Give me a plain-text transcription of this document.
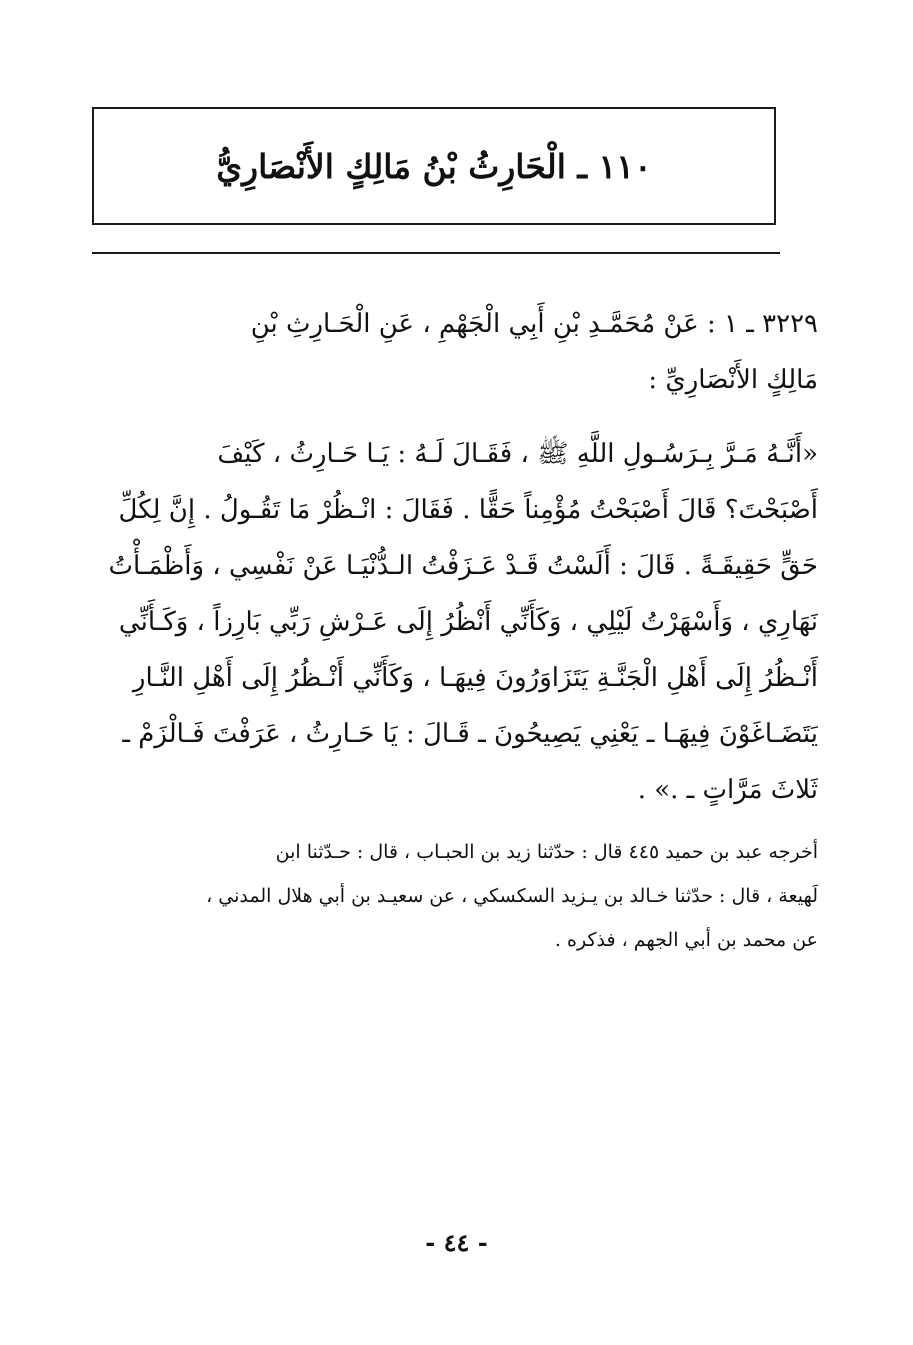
١١٠ ـ الْحَارِثُ بْنُ مَالِكٍ الأَنْصَارِيُّ
٣٢٢٩ ـ ١ : عَنْ مُحَمَّـدِ بْنِ أَبِي الْجَهْمِ ، عَنِ الْحَـارِثِ بْنِ
مَالِكٍ الأَنْصَارِيِّ :
«أَنَّـهُ مَـرَّ بِـرَسُـولِ اللَّهِ ﷺ ، فَقَـالَ لَـهُ : يَـا حَـارِثُ ، كَيْفَ
أَصْبَحْتَ؟ قَالَ أَصْبَحْتُ مُؤْمِناً حَقًّا . فَقَالَ : انْـظُرْ مَا تَقُـولُ . إِنَّ لِكُلِّ
حَقٍّ حَقِيقَـةً . قَالَ : أَلَسْتُ قَـدْ عَـزَفْتُ الـدُّنْيَـا عَنْ نَفْسِي ، وَأَظْمَـأْتُ
نَهَارِي ، وَأَسْهَرْتُ لَيْلِي ، وَكَأَنِّي أَنْظُرُ إِلَى عَـرْشِ رَبِّي بَارِزاً ، وَكَـأَنِّي
أَنْـظُرُ إِلَى أَهْلِ الْجَنَّـةِ يَتَزَاوَرُونَ فِيهَـا ، وَكَأَنِّي أَنْـظُرُ إِلَى أَهْلِ النَّـارِ
يَتَضَـاغَوْنَ فِيهَـا ـ يَعْنِي يَصِيحُونَ ـ قَـالَ : يَا حَـارِثُ ، عَرَفْتَ فَـالْزَمْ ـ
ثَلاثَ مَرَّاتٍ ـ .» .
أخرجه عبد بن حميد ٤٤٥ قال : حدّثنا زيد بن الحبـاب ، قال : حـدّثنا ابن
لَهيعة ، قال : حدّثنا خـالد بن يـزيد السكسكي ، عن سعيـد بن أبي هلال المدني ،
عن محمد بن أبي الجهم ، فذكره .
- ٤٤ -
